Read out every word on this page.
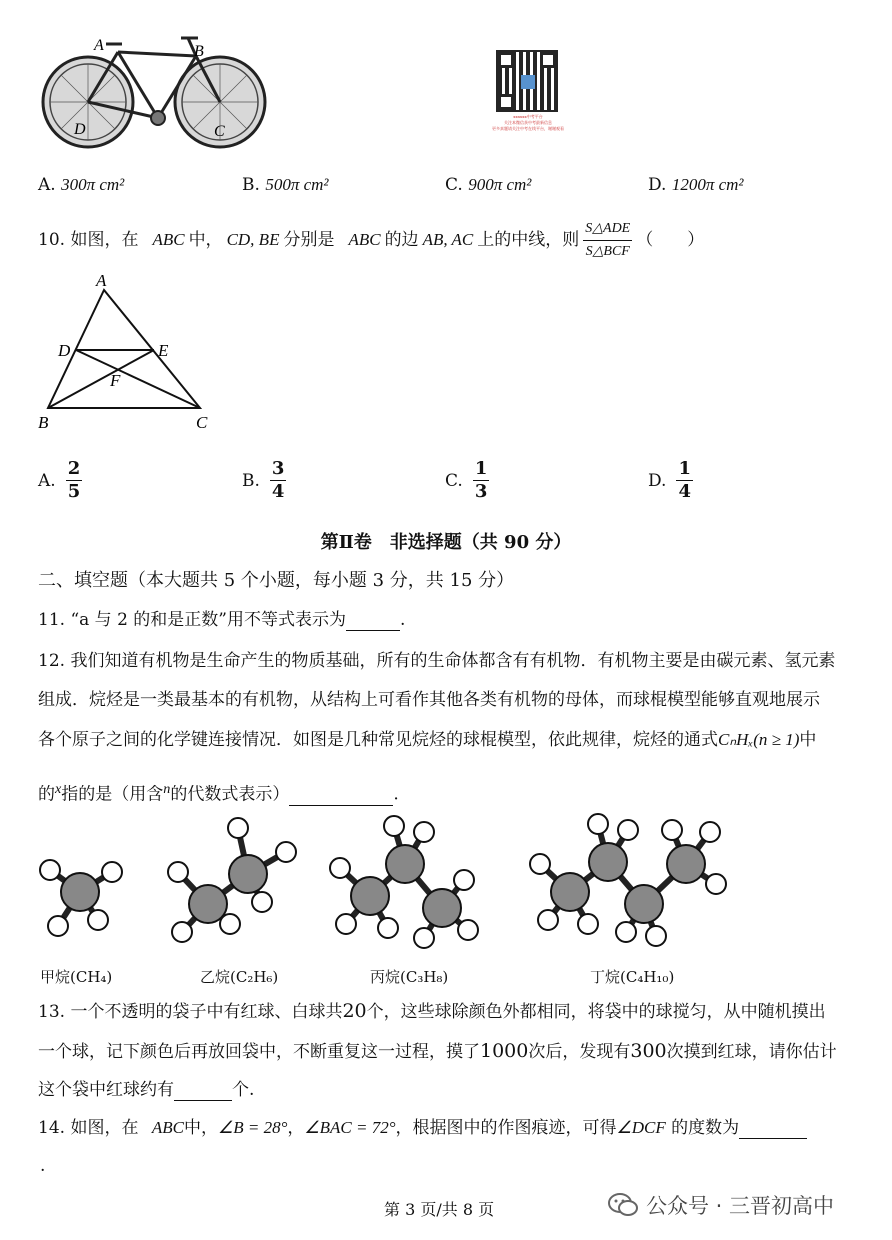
A	B
D	C
xxxxxx中考平台
关注本微信获中考最新信息
更多真题请关注中考在线平台，谢谢观看
A. 300π cm²	B. 500π cm²	C. 900π cm²	D. 1200π cm²
10. 如图，在 ABC 中， CD, BE 分别是 ABC 的边 AB, AC 上的中线，则 $\frac{\text{S△ADE}}{\text{S△BCF}}$ （　　）
A
D	E
F
B	C
A. $\frac{2}{5}$	B. $\frac{3}{4}$	C. $\frac{1}{3}$	D. $\frac{1}{4}$
第Ⅱ卷　非选择题（共 90 分）
二、填空题（本大题共 5 个小题，每小题 3 分，共 15 分）
11. “a 与 2 的和是正数”用不等式表示为	.
12. 我们知道有机物是生命产生的物质基础，所有的生命体都含有有机物．有机物主要是由碳元素、氢元素
组成．烷烃是一类最基本的有机物，从结构上可看作其他各类有机物的母体，而球棍模型能够直观地展示
各个原子之间的化学键连接情况．如图是几种常见烷烃的球棍模型，依此规律，烷烃的通式CₙHₓ(n ≥ 1)中
的$^x$指的是（用含$^n$的代数式表示）	.
甲烷(CH₄)	乙烷(C₂H₆)	丙烷(C₃H₈)	丁烷(C₄H₁₀)
13. 一个不透明的袋子中有红球、白球共20个，这些球除颜色外都相同，将袋中的球搅匀，从中随机摸出
一个球，记下颜色后再放回袋中，不断重复这一过程，摸了1000次后，发现有300次摸到红球，请你估计
这个袋中红球约有	个.
14. 如图，在 ABC中，∠B = 28°，∠BAC = 72°，根据图中的作图痕迹，可得∠DCF 的度数为
.
第 3 页/共 8 页	公众号 · 三晋初高中
